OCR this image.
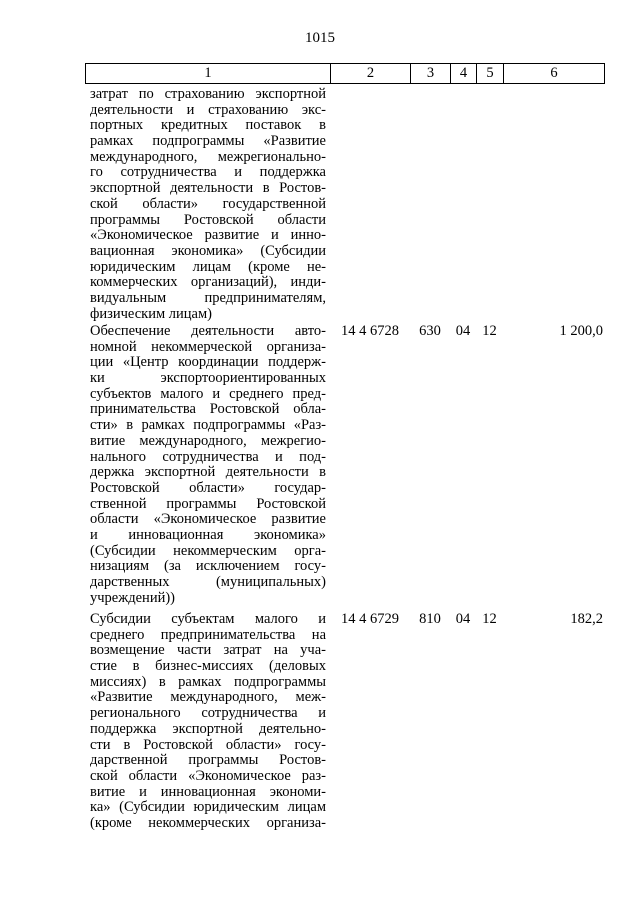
1015
1	2	3	4	5	6
затрат по страхованию экспортной
деятельности и страхованию экс-
портных кредитных поставок в
рамках подпрограммы «Развитие
международного, межрегионально-
го сотрудничества и поддержка
экспортной деятельности в Ростов-
ской области» государственной
программы Ростовской области
«Экономическое развитие и инно-
вационная экономика» (Субсидии
юридическим лицам (кроме не-
коммерческих организаций), инди-
видуальным предпринимателям,
физическим лицам)
Обеспечение деятельности авто-
номной некоммерческой организа-
ции «Центр координации поддерж-
ки экспортоориентированных
субъектов малого и среднего пред-
принимательства Ростовской обла-
сти» в рамках подпрограммы «Раз-
витие международного, межрегио-
нального сотрудничества и под-
держка экспортной деятельности в
Ростовской области» государ-
ственной программы Ростовской
области «Экономическое развитие
и инновационная экономика»
(Субсидии некоммерческим орга-
низациям (за исключением госу-
дарственных (муниципальных)
учреждений))
14 4 6728	630	04 12	1 200,0
Субсидии субъектам малого и
среднего предпринимательства на
возмещение части затрат на уча-
стие в бизнес-миссиях (деловых
миссиях) в рамках подпрограммы
«Развитие международного, меж-
регионального сотрудничества и
поддержка экспортной деятельно-
сти в Ростовской области» госу-
дарственной программы Ростов-
ской области «Экономическое раз-
витие и инновационная экономи-
ка» (Субсидии юридическим лицам
(кроме некоммерческих организа-
14 4 6729	810	04 12	182,2
